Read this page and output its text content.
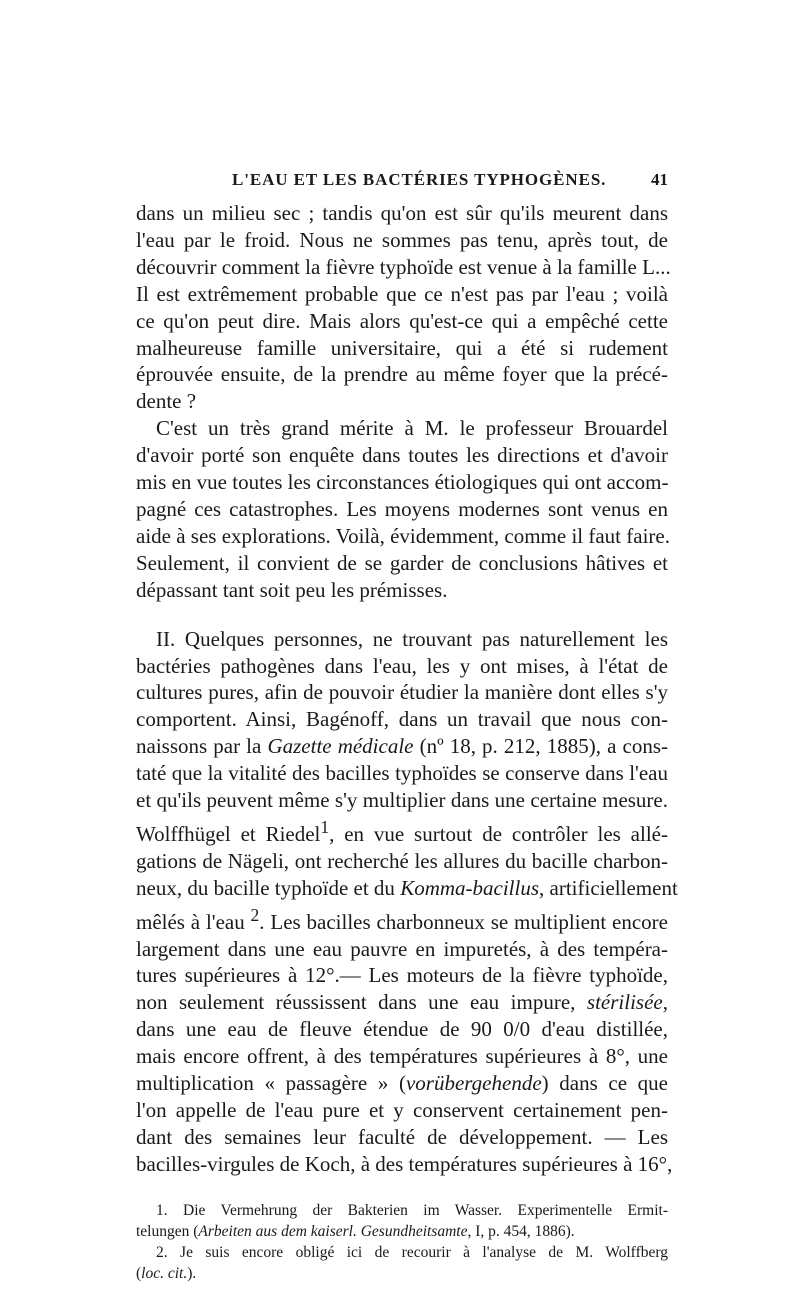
L'EAU ET LES BACTÉRIES TYPHOGÈNES.	41
dans un milieu sec ; tandis qu'on est sûr qu'ils meurent dans
l'eau par le froid. Nous ne sommes pas tenu, après tout, de
découvrir comment la fièvre typhoïde est venue à la famille L...
Il est extrêmement probable que ce n'est pas par l'eau ; voilà
ce qu'on peut dire. Mais alors qu'est-ce qui a empêché cette
malheureuse famille universitaire, qui a été si rudement
éprouvée ensuite, de la prendre au même foyer que la précé-
dente ?
C'est un très grand mérite à M. le professeur Brouardel
d'avoir porté son enquête dans toutes les directions et d'avoir
mis en vue toutes les circonstances étiologiques qui ont accom-
pagné ces catastrophes. Les moyens modernes sont venus en
aide à ses explorations. Voilà, évidemment, comme il faut faire.
Seulement, il convient de se garder de conclusions hâtives et
dépassant tant soit peu les prémisses.
II. Quelques personnes, ne trouvant pas naturellement les
bactéries pathogènes dans l'eau, les y ont mises, à l'état de
cultures pures, afin de pouvoir étudier la manière dont elles s'y
comportent. Ainsi, Bagénoff, dans un travail que nous con-
naissons par la Gazette médicale (nº 18, p. 212, 1885), a cons-
taté que la vitalité des bacilles typhoïdes se conserve dans l'eau
et qu'ils peuvent même s'y multiplier dans une certaine mesure.
Wolffhügel et Riedel$^1$, en vue surtout de contrôler les allé-
gations de Nägeli, ont recherché les allures du bacille charbon-
neux, du bacille typhoïde et du Komma-bacillus, artificiellement
mêlés à l'eau $^2$. Les bacilles charbonneux se multiplient encore
largement dans une eau pauvre en impuretés, à des tempéra-
tures supérieures à 12°.— Les moteurs de la fièvre typhoïde,
non seulement réussissent dans une eau impure, stérilisée,
dans une eau de fleuve étendue de 90 0/0 d'eau distillée,
mais encore offrent, à des températures supérieures à 8°, une
multiplication « passagère » (vorübergehende) dans ce que
l'on appelle de l'eau pure et y conservent certainement pen-
dant des semaines leur faculté de développement. — Les
bacilles-virgules de Koch, à des températures supérieures à 16°,
1. Die Vermehrung der Bakterien im Wasser. Experimentelle Ermit-
telungen (Arbeiten aus dem kaiserl. Gesundheitsamte, I, p. 454, 1886).
2. Je suis encore obligé ici de recourir à l'analyse de M. Wolffberg
(loc. cit.).
